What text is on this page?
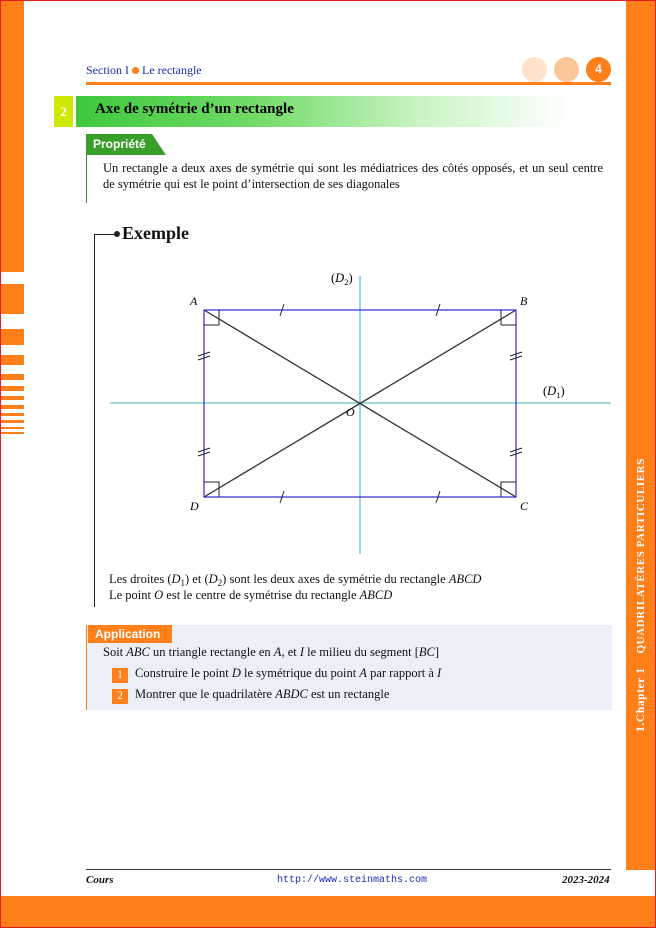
1.Chapter 1    QUADRILATÈRES PARTICULIERS
Section I Le rectangle	4
2	Axe de symétrie d’un rectangle
Propriété
Un rectangle a deux axes de symétrie qui sont les médiatrices des côtés opposés, et un seul centre de symétrie qui est le point d’intersection de ses diagonales
Exemple
A	B
C
D
O
$(D_2)$
$(D_1)$
Les droites $(D_1)$ et $(D_2)$ sont les deux axes de symétrie du rectangle ABCD
Le point O est le centre de symétrise du rectangle ABCD
Application
Soit ABC un triangle rectangle en A, et I le milieu du segment [BC]
1 Construire le point D le symétrique du point A par rapport à I
2 Montrer que le quadrilatère ABDC est un rectangle
Cours	http://www.steinmaths.com	2023-2024
